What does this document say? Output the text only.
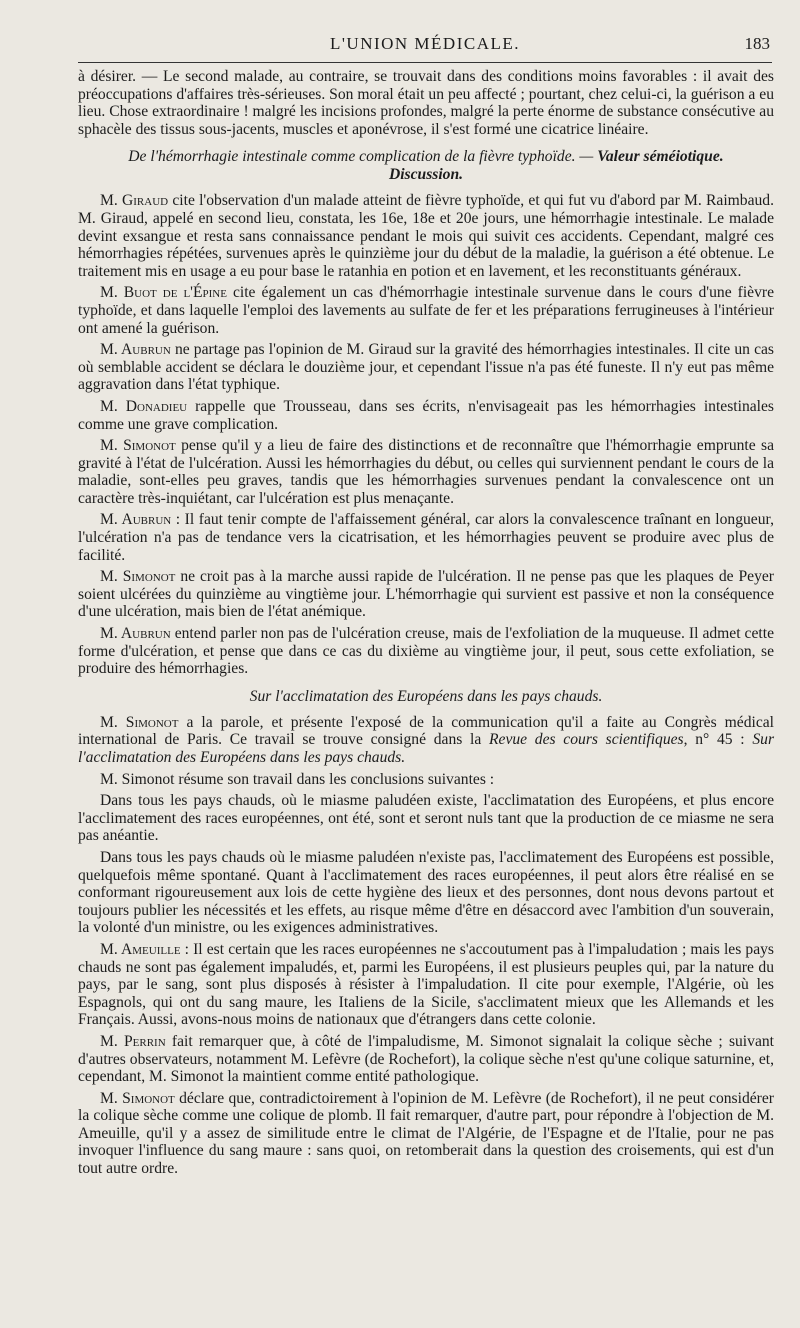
L'UNION MÉDICALE.	183

à désirer. — Le second malade, au contraire, se trouvait dans des conditions moins favorables : il avait des préoccupations d'affaires très-sérieuses. Son moral était un peu affecté ; pourtant, chez celui-ci, la guérison a eu lieu. Chose extraordinaire ! malgré les incisions profondes, malgré la perte énorme de substance consécutive au sphacèle des tissus sous-jacents, muscles et aponévrose, il s'est formé une cicatrice linéaire.

De l'hémorrhagie intestinale comme complication de la fièvre typhoïde. — Valeur séméiotique.
Discussion.

M. Giraud cite l'observation d'un malade atteint de fièvre typhoïde, et qui fut vu d'abord par M. Raimbaud. M. Giraud, appelé en second lieu, constata, les 16e, 18e et 20e jours, une hémorrhagie intestinale. Le malade devint exsangue et resta sans connaissance pendant le mois qui suivit ces accidents. Cependant, malgré ces hémorrhagies répétées, survenues après le quinzième jour du début de la maladie, la guérison a été obtenue. Le traitement mis en usage a eu pour base le ratanhia en potion et en lavement, et les reconstituants généraux.

M. Buot de l'Épine cite également un cas d'hémorrhagie intestinale survenue dans le cours d'une fièvre typhoïde, et dans laquelle l'emploi des lavements au sulfate de fer et les préparations ferrugineuses à l'intérieur ont amené la guérison.

M. Aubrun ne partage pas l'opinion de M. Giraud sur la gravité des hémorrhagies intestinales. Il cite un cas où semblable accident se déclara le douzième jour, et cependant l'issue n'a pas été funeste. Il n'y eut pas même aggravation dans l'état typhique.

M. Donadieu rappelle que Trousseau, dans ses écrits, n'envisageait pas les hémorrhagies intestinales comme une grave complication.

M. Simonot pense qu'il y a lieu de faire des distinctions et de reconnaître que l'hémorrhagie emprunte sa gravité à l'état de l'ulcération. Aussi les hémorrhagies du début, ou celles qui surviennent pendant le cours de la maladie, sont-elles peu graves, tandis que les hémorrhagies survenues pendant la convalescence ont un caractère très-inquiétant, car l'ulcération est plus menaçante.

M. Aubrun : Il faut tenir compte de l'affaissement général, car alors la convalescence traînant en longueur, l'ulcération n'a pas de tendance vers la cicatrisation, et les hémorrhagies peuvent se produire avec plus de facilité.

M. Simonot ne croit pas à la marche aussi rapide de l'ulcération. Il ne pense pas que les plaques de Peyer soient ulcérées du quinzième au vingtième jour. L'hémorrhagie qui survient est passive et non la conséquence d'une ulcération, mais bien de l'état anémique.

M. Aubrun entend parler non pas de l'ulcération creuse, mais de l'exfoliation de la muqueuse. Il admet cette forme d'ulcération, et pense que dans ce cas du dixième au vingtième jour, il peut, sous cette exfoliation, se produire des hémorrhagies.

Sur l'acclimatation des Européens dans les pays chauds.

M. Simonot a la parole, et présente l'exposé de la communication qu'il a faite au Congrès médical international de Paris. Ce travail se trouve consigné dans la Revue des cours scientifiques, n° 45 : Sur l'acclimatation des Européens dans les pays chauds.

M. Simonot résume son travail dans les conclusions suivantes :

Dans tous les pays chauds, où le miasme paludéen existe, l'acclimatation des Européens, et plus encore l'acclimatement des races européennes, ont été, sont et seront nuls tant que la production de ce miasme ne sera pas anéantie.

Dans tous les pays chauds où le miasme paludéen n'existe pas, l'acclimatement des Européens est possible, quelquefois même spontané. Quant à l'acclimatement des races européennes, il peut alors être réalisé en se conformant rigoureusement aux lois de cette hygiène des lieux et des personnes, dont nous devons partout et toujours publier les nécessités et les effets, au risque même d'être en désaccord avec l'ambition d'un souverain, la volonté d'un ministre, ou les exigences administratives.

M. Ameuille : Il est certain que les races européennes ne s'accoutument pas à l'impaludation ; mais les pays chauds ne sont pas également impaludés, et, parmi les Européens, il est plusieurs peuples qui, par la nature du pays, par le sang, sont plus disposés à résister à l'impaludation. Il cite pour exemple, l'Algérie, où les Espagnols, qui ont du sang maure, les Italiens de la Sicile, s'acclimatent mieux que les Allemands et les Français. Aussi, avons-nous moins de nationaux que d'étrangers dans cette colonie.

M. Perrin fait remarquer que, à côté de l'impaludisme, M. Simonot signalait la colique sèche ; suivant d'autres observateurs, notamment M. Lefèvre (de Rochefort), la colique sèche n'est qu'une colique saturnine, et, cependant, M. Simonot la maintient comme entité pathologique.

M. Simonot déclare que, contradictoirement à l'opinion de M. Lefèvre (de Rochefort), il ne peut considérer la colique sèche comme une colique de plomb. Il fait remarquer, d'autre part, pour répondre à l'objection de M. Ameuille, qu'il y a assez de similitude entre le climat de l'Algérie, de l'Espagne et de l'Italie, pour ne pas invoquer l'influence du sang maure : sans quoi, on retomberait dans la question des croisements, qui est d'un tout autre ordre.
